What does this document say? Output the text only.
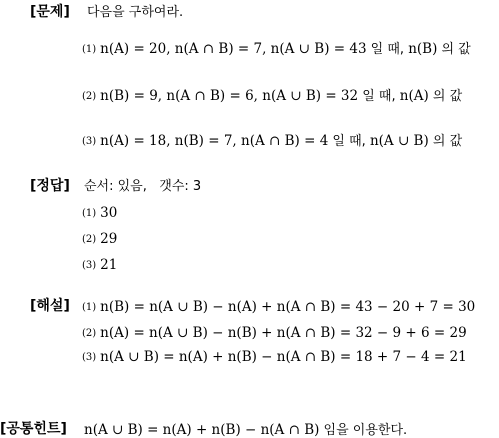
[문제] 다음을 구하여라.
(1) n(A) = 20, n(A ∩ B) = 7, n(A ∪ B) = 43 일 때, n(B) 의 값
(2) n(B) = 9, n(A ∩ B) = 6, n(A ∪ B) = 32 일 때, n(A) 의 값
(3) n(A) = 18, n(B) = 7, n(A ∩ B) = 4 일 때, n(A ∪ B) 의 값
[정답] 순서: 있음,   갯수: 3
(1) 30
(2) 29
(3) 21
[해설] (1) n(B) = n(A ∪ B) − n(A) + n(A ∩ B) = 43 − 20 + 7 = 30
(2) n(A) = n(A ∪ B) − n(B) + n(A ∩ B) = 32 − 9 + 6 = 29
(3) n(A ∪ B) = n(A) + n(B) − n(A ∩ B) = 18 + 7 − 4 = 21
[공통힌트] n(A ∪ B) = n(A) + n(B) − n(A ∩ B) 임을 이용한다.
